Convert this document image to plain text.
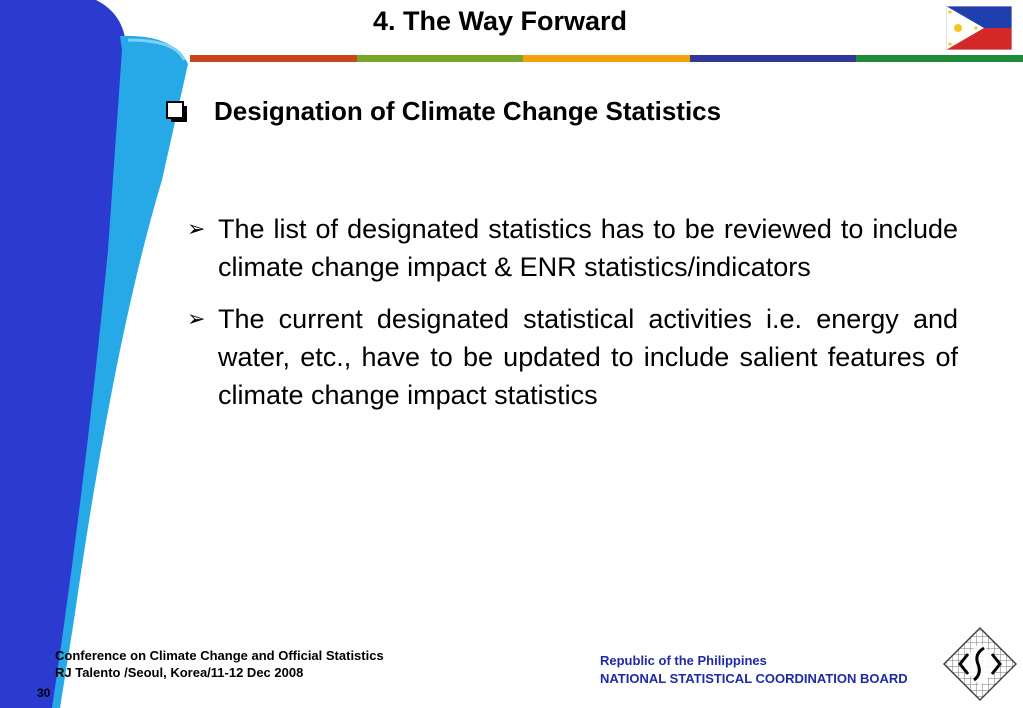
4. The Way Forward
Designation of Climate Change Statistics
➢ The list of designated statistics has to be reviewed to include climate change impact & ENR statistics/indicators
➢ The current designated statistical activities i.e. energy and water, etc., have to be updated to include salient features of climate change impact statistics
Conference on Climate Change and Official Statistics
RJ Talento /Seoul, Korea/11-12 Dec 2008
30
Republic of the Philippines
NATIONAL STATISTICAL COORDINATION BOARD
